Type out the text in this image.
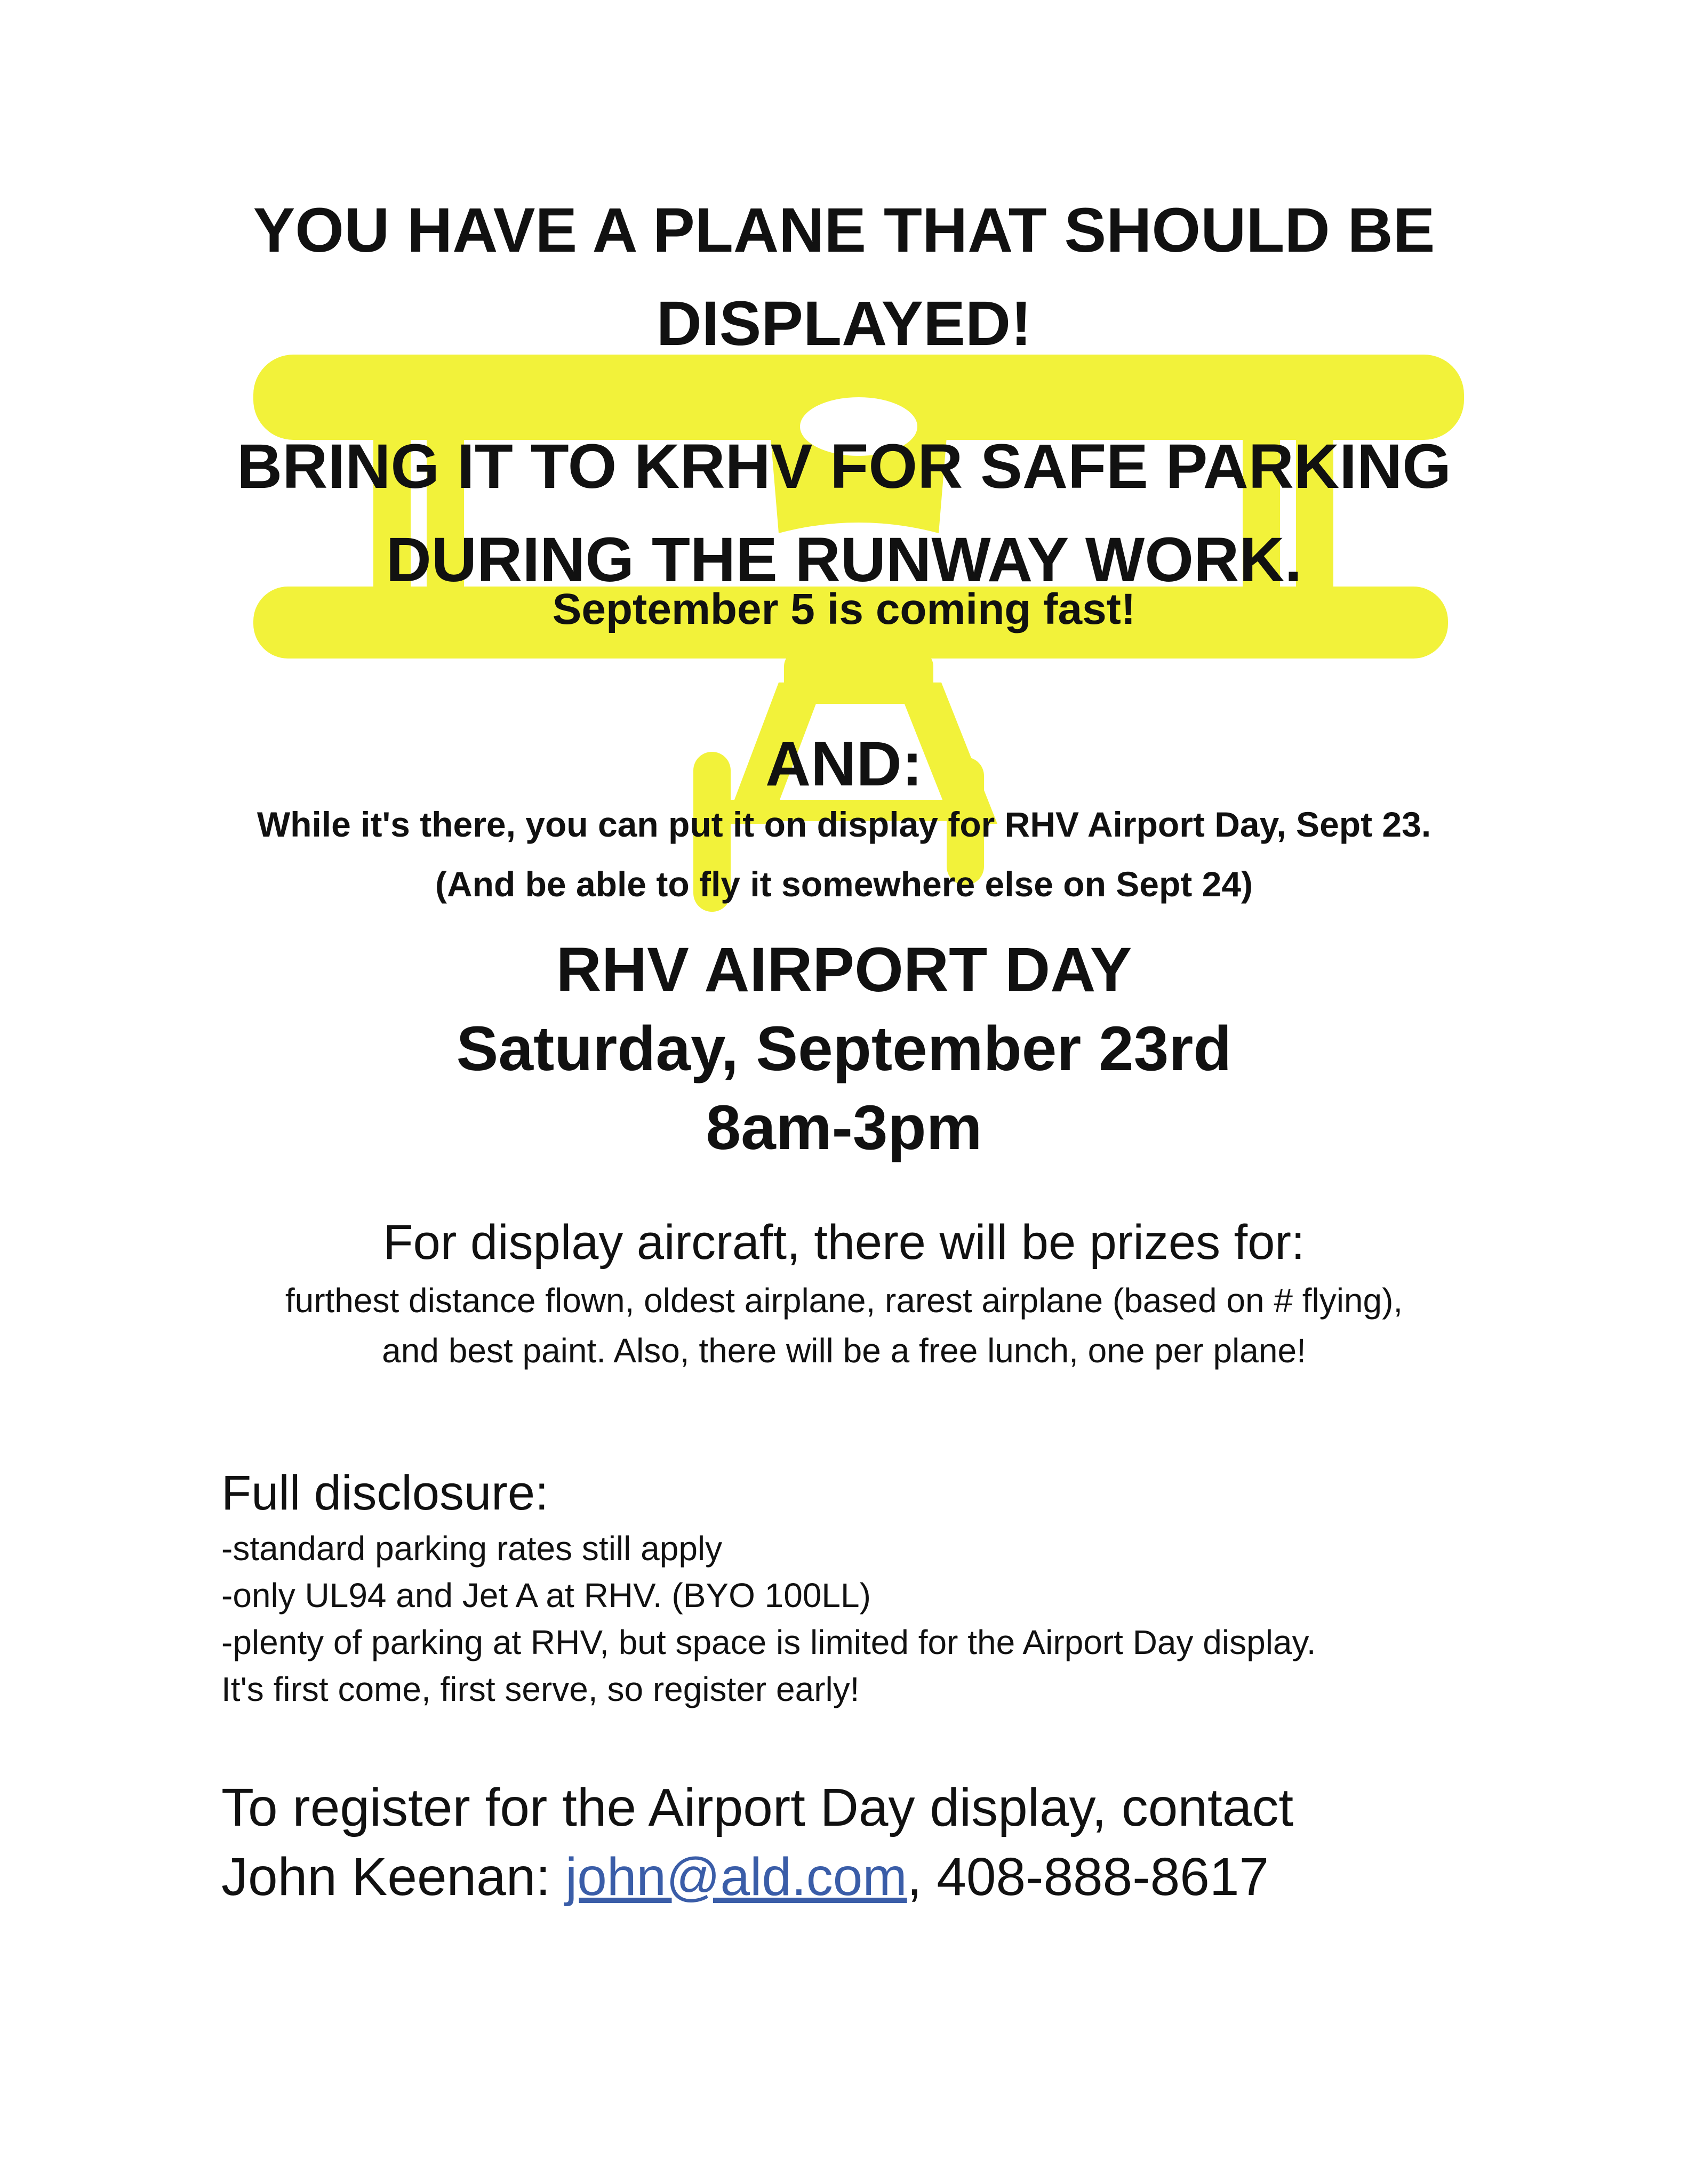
YOU HAVE A PLANE THAT SHOULD BE
DISPLAYED!
BRING IT TO KRHV FOR SAFE PARKING
DURING THE RUNWAY WORK.
September 5 is coming fast!
AND:
While it's there, you can put it on display for RHV Airport Day, Sept 23.
(And be able to fly it somewhere else on Sept 24)
RHV AIRPORT DAY
Saturday, September 23rd
8am-3pm
For display aircraft, there will be prizes for:
furthest distance flown, oldest airplane, rarest airplane (based on # flying),
and best paint. Also, there will be a free lunch, one per plane!
Full disclosure:
-standard parking rates still apply
-only UL94 and Jet A at RHV. (BYO 100LL)
-plenty of parking at RHV, but space is limited for the Airport Day display.
It's first come, first serve, so register early!
To register for the Airport Day display, contact
John Keenan: john@ald.com, 408-888-8617
